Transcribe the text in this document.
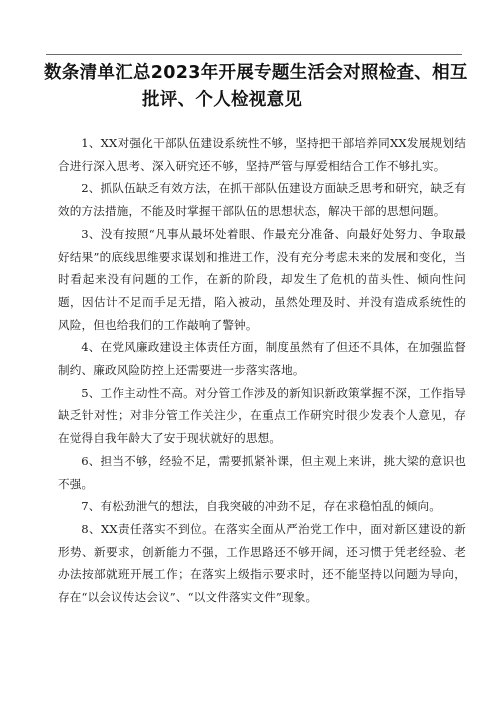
数条清单汇总2023年开展专题生活会对照检查、相互
批评、个人检视意见

1、XX对强化干部队伍建设系统性不够，坚持把干部培养同XX发展规划结合进行深入思考、深入研究还不够，坚持严管与厚爱相结合工作不够扎实。

2、抓队伍缺乏有效方法，在抓干部队伍建设方面缺乏思考和研究，缺乏有效的方法措施，不能及时掌握干部队伍的思想状态，解决干部的思想问题。

3、没有按照“凡事从最坏处着眼、作最充分准备、向最好处努力、争取最好结果”的底线思维要求谋划和推进工作，没有充分考虑未来的发展和变化，当时看起来没有问题的工作，在新的阶段，却发生了危机的苗头性、倾向性问题，因估计不足而手足无措，陷入被动，虽然处理及时、并没有造成系统性的风险，但也给我们的工作敲响了警钟。

4、在党风廉政建设主体责任方面，制度虽然有了但还不具体，在加强监督制约、廉政风险防控上还需要进一步落实落地。

5、工作主动性不高。对分管工作涉及的新知识新政策掌握不深，工作指导缺乏针对性；对非分管工作关注少，在重点工作研究时很少发表个人意见，存在觉得自我年龄大了安于现状就好的思想。

6、担当不够，经验不足，需要抓紧补课，但主观上来讲，挑大梁的意识也不强。

7、有松劲泄气的想法，自我突破的冲劲不足，存在求稳怕乱的倾向。

8、XX责任落实不到位。在落实全面从严治党工作中，面对新区建设的新形势、新要求，创新能力不强，工作思路还不够开阔，还习惯于凭老经验、老办法按部就班开展工作；在落实上级指示要求时，还不能坚持以问题为导向，存在“以会议传达会议”、“以文件落实文件”现象。
